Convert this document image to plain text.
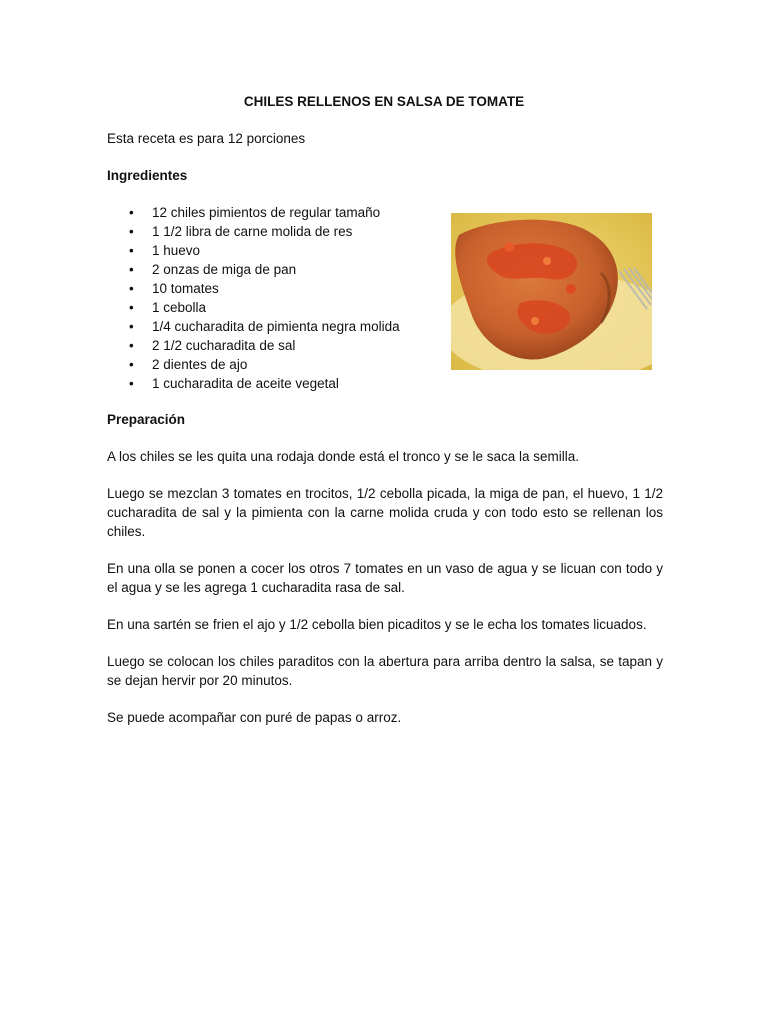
CHILES RELLENOS EN SALSA DE TOMATE
Esta receta es para 12 porciones
Ingredientes
• 12 chiles pimientos de regular tamaño
• 1 1/2 libra de carne molida de res
• 1 huevo
• 2 onzas de miga de pan
• 10 tomates
• 1 cebolla
• 1/4 cucharadita de pimienta negra molida
• 2 1/2 cucharadita de sal
• 2 dientes de ajo
• 1 cucharadita de aceite vegetal
Preparación
A los chiles se les quita una rodaja donde está el tronco y se le saca la semilla.
Luego se mezclan 3 tomates en trocitos, 1/2 cebolla picada, la miga de pan, el huevo, 1 1/2 cucharadita de sal y la pimienta con la carne molida cruda y con todo esto se rellenan los chiles.
En una olla se ponen a cocer los otros 7 tomates en un vaso de agua y se licuan con todo y el agua y se les agrega 1 cucharadita rasa de sal.
En una sartén se frien el ajo y 1/2 cebolla bien picaditos y se le echa los tomates licuados.
Luego se colocan los chiles paraditos con la abertura para arriba dentro la salsa, se tapan y se dejan hervir por 20 minutos.
Se puede acompañar con puré de papas o arroz.
